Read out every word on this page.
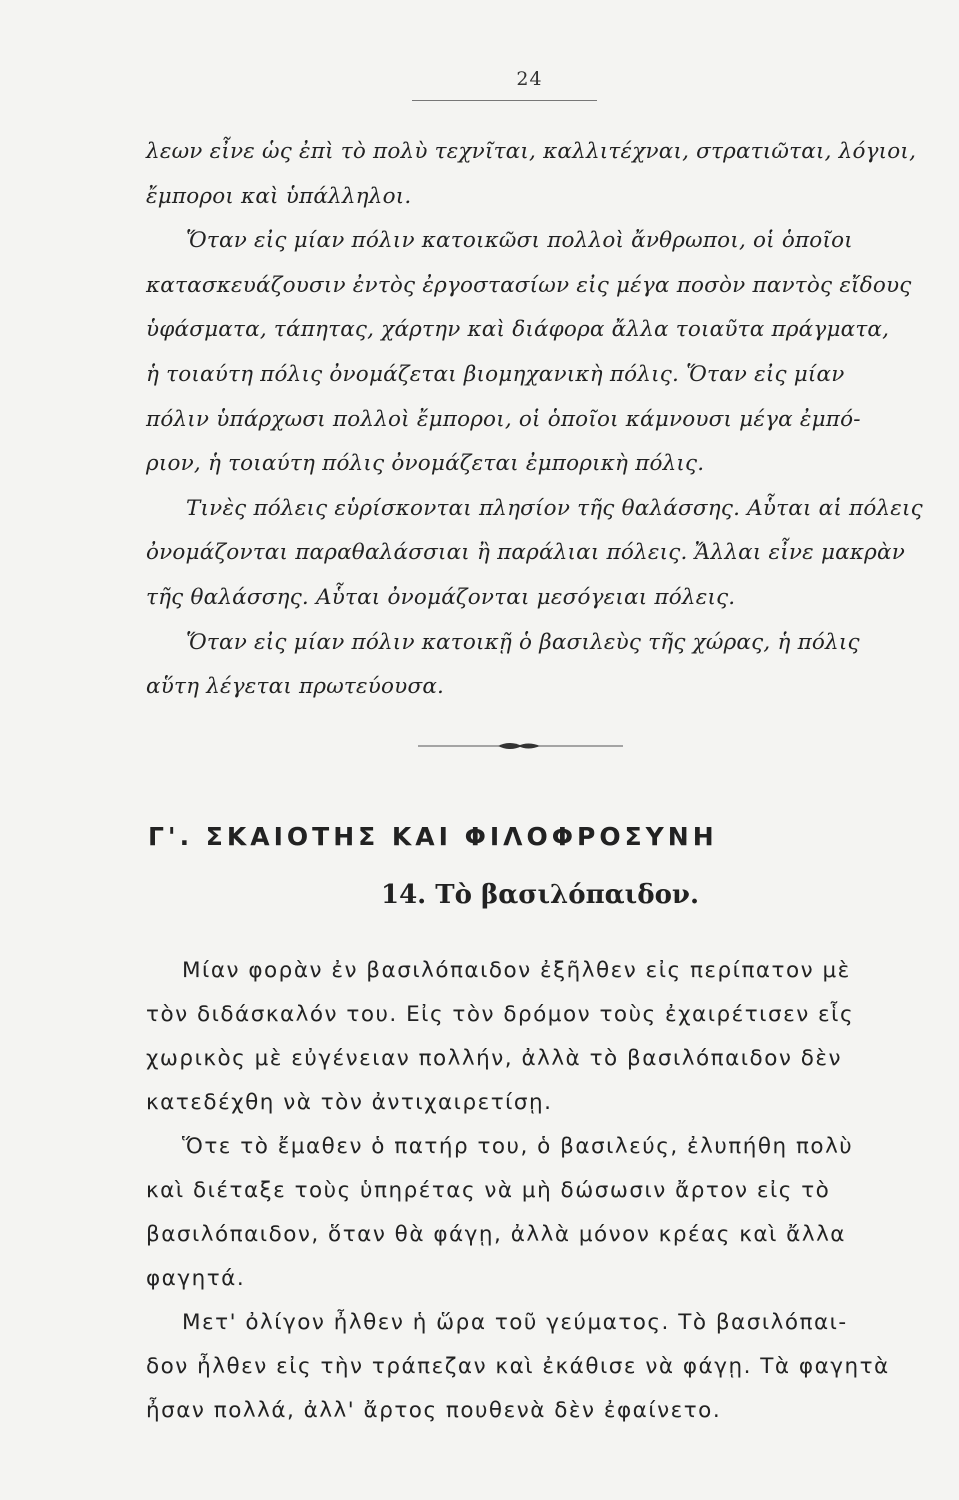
24
λεων εἶνε ὡς ἐπὶ τὸ πολὺ τεχνῖται, καλλιτέχναι, στρατιῶται, λόγιοι,
ἔμποροι καὶ ὑπάλληλοι.
Ὅταν εἰς μίαν πόλιν κατοικῶσι πολλοὶ ἄνθρωποι, οἱ ὁποῖοι
κατασκευάζουσιν ἐντὸς ἐργοστασίων εἰς μέγα ποσὸν παντὸς εἴδους
ὑφάσματα, τάπητας, χάρτην καὶ διάφορα ἄλλα τοιαῦτα πράγματα,
ἡ τοιαύτη πόλις ὀνομάζεται βιομηχανικὴ πόλις. Ὅταν εἰς μίαν
πόλιν ὑπάρχωσι πολλοὶ ἔμποροι, οἱ ὁποῖοι κάμνουσι μέγα ἐμπό-
ριον, ἡ τοιαύτη πόλις ὀνομάζεται ἐμπορικὴ πόλις.
Τινὲς πόλεις εὑρίσκονται πλησίον τῆς θαλάσσης. Αὗται αἱ πόλεις
ὀνομάζονται παραθαλάσσιαι ἢ παράλιαι πόλεις. Ἄλλαι εἶνε μακρὰν
τῆς θαλάσσης. Αὗται ὀνομάζονται μεσόγειαι πόλεις.
Ὅταν εἰς μίαν πόλιν κατοικῇ ὁ βασιλεὺς τῆς χώρας, ἡ πόλις
αὕτη λέγεται πρωτεύουσα.
Γ'. ΣΚΑΙΟΤΗΣ ΚΑΙ ΦΙΛΟΦΡΟΣΥΝΗ
14. Τὸ βασιλόπαιδον.
Μίαν φορὰν ἐν βασιλόπαιδον ἐξῆλθεν εἰς περίπατον μὲ
τὸν διδάσκαλόν του. Εἰς τὸν δρόμον τοὺς ἐχαιρέτισεν εἷς
χωρικὸς μὲ εὐγένειαν πολλήν, ἀλλὰ τὸ βασιλόπαιδον δὲν
κατεδέχθη νὰ τὸν ἀντιχαιρετίσῃ.
Ὅτε τὸ ἔμαθεν ὁ πατήρ του, ὁ βασιλεύς, ἐλυπήθη πολὺ
καὶ διέταξε τοὺς ὑπηρέτας νὰ μὴ δώσωσιν ἄρτον εἰς τὸ
βασιλόπαιδον, ὅταν θὰ φάγῃ, ἀλλὰ μόνον κρέας καὶ ἄλλα
φαγητά.
Μετ' ὀλίγον ἦλθεν ἡ ὥρα τοῦ γεύματος. Τὸ βασιλόπαι-
δον ἦλθεν εἰς τὴν τράπεζαν καὶ ἐκάθισε νὰ φάγῃ. Τὰ φαγητὰ
ἦσαν πολλά, ἀλλ' ἄρτος πουθενὰ δὲν ἐφαίνετο.
